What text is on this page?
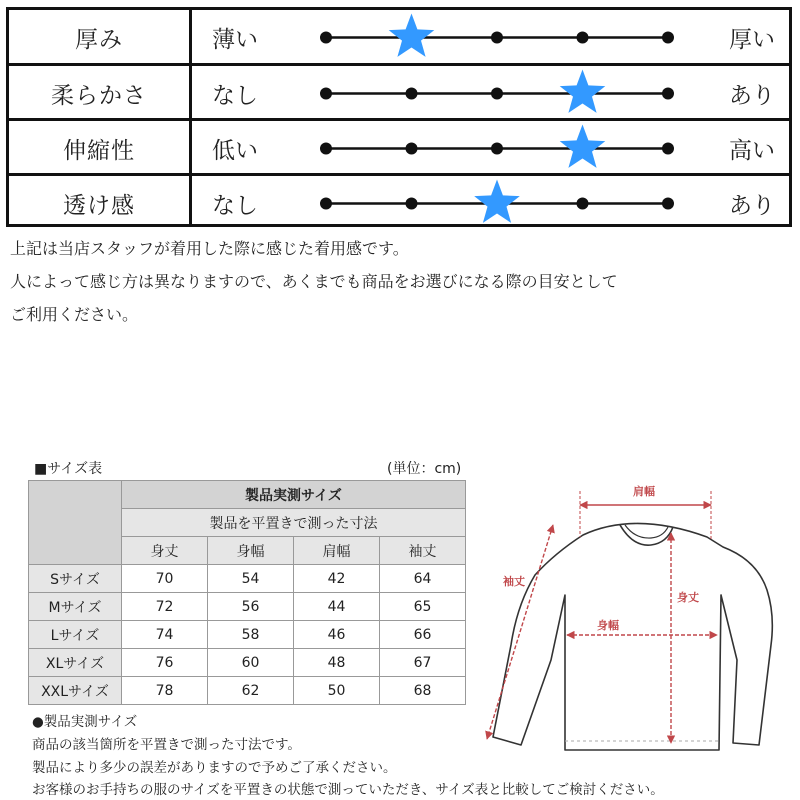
厚み	薄い	厚い
柔らかさ	なし	あり
伸縮性	低い	高い
透け感	なし	あり
上記は当店スタッフが着用した際に感じた着用感です。
人によって感じ方は異なりますので、あくまでも商品をお選びになる際の目安として
ご利用ください。
■サイズ表	(単位：cm)
	製品実測サイズ			
	製品を平置きで測った寸法			
	身丈	身幅	肩幅	袖丈
Sサイズ	70	54	42	64
Mサイズ	72	56	44	65
Lサイズ	74	58	46	66
XLサイズ	76	60	48	67
XXLサイズ	78	62	50	68
●製品実測サイズ
商品の該当箇所を平置きで測った寸法です。
製品により多少の誤差がありますので予めご了承ください。
お客様のお手持ちの服のサイズを平置きの状態で測っていただき、サイズ表と比較してご検討ください。
肩幅
袖丈
身丈
身幅
